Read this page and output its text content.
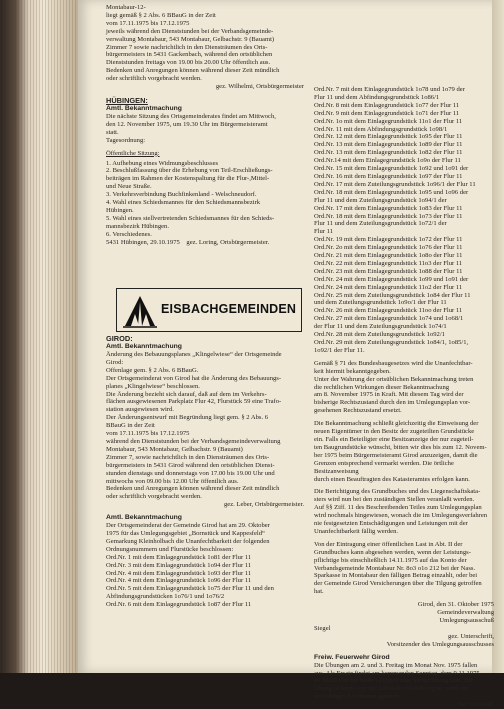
Montabaur-12-

liegt gemäß § 2 Abs. 6 BBauG in der Zeit

vom 17.11.1975 bis 17.12.1975

jeweils während den Dienststunden bei der Verbandsgemeinde-

verwaltung Montabaur, 543 Montabaur, Gelbachstr. 9 (Bauamt)

Zimmer 7 sowie nachrichtlich in den Diensträumen des Orts-

bürgermeisters in 5431 Gackenbach, während den ortsüblichen

Dienststunden freitags von 19.00 bis 20.00 Uhr öffentlich aus.

Bedenken und Anregungen können während dieser Zeit mündlich

oder schriftlich vorgebracht werden.

gez. Wilhelmi, Ortsbürgermeister

HÜBINGEN:

Amtl. Bekanntmachung

Die nächste Sitzung des Ortsgemeinderates findet am Mittwoch,

den 12. November 1975, um 19.30 Uhr im Bürgermeisteramt

statt.

Tagesordnung:

Öffentliche Sitzung:

1. Aufhebung eines Widmungsbeschlusses

2. Beschlußfassung über die Erhebung von Teil-Erschließungs-

beiträgen im Rahmen der Kostenspaltung für die Flur-,Mittel-

und Neue Straße.

3. Verkehrsverbindung Buchfinkenland - Welschneudorf.

4. Wahl eines Schiedsmannes für den Schiedsmannsbezirk

Hübingen.

5. Wahl eines stellvertretenden Schiedsmannes für den Schieds-

mannsbezirk Hübingen.

6. Verschiedenes.

5431 Hübingen, 29.10.1975 gez. Loring, Ortsbürgermeister.

EISBACHGEMEINDEN

GIROD:

Amtl. Bekanntmachung

Änderung des Bebauungsplanes „Klingelwiese“ der Ortsgemeinde

Girod:

Offenlage gem. § 2 Abs. 6 BBauG.

Der Ortsgemeinderat von Girod hat die Änderung des Bebauungs-

planes „Klingelwiese“ beschlossen.

Die Änderung bezieht sich darauf, daß auf dem im Verkehrs-

flächen ausgewiesenen Parkplatz Flur 42, Flurstück 59 eine Trafo-

station ausgewiesen wird.

Der Änderungsentwurf mit Begründung liegt gem. § 2 Abs. 6

BBauG in der Zeit

vom 17.11.1975 bis 17.12.1975

während den Dienststunden bei der Verbandsgemeindeverwaltung

Montabaur, 543 Montabaur, Gelbachstr. 9 (Bauamt)

Zimmer 7, sowie nachrichtlich in den Diensträumen des Orts-

bürgermeisters in 5431 Girod während den ortsüblichen Dienst-

stunden dienstags und donnerstags von 17.00 bis 19.00 Uhr und

mittwochs von 09.00 bis 12.00 Uhr öffentlich aus.

Bedenken und Anregungen können während dieser Zeit mündlich

oder schriftlich vorgebracht werden.

gez. Leber, Ortsbürgermeister.

Amtl. Bekanntmachung

Der Ortsgemeinderat der Gemeinde Girod hat am 29. Oktober

1975 für das Umlegungsgebiet „Bornstück und Kappesfeld“

Gemarkung Kleinholbach die Unanfechtbarkeit der folgenden

Ordnungsnummern und Flurstücke beschlossen:

Ord.Nr. 1 mit dem Einlagegrundstück 1o81 der Flur 11

Ord.Nr. 3 mit dem Einlagegrundstück 1o94 der Flur 11

Ord.Nr. 4 mit dem Einlagegrundstück 1o93 der Flur 11

Ord.Nr. 4 mit dem Einlagegrundstück 1o96 der Flur 11

Ord.Nr. 5 mit dem Einlagegrundstück 1o75 der Flur 11 und den

Abfindungsgrundstücken 1o76/1 und 1o76/2

Ord.Nr. 6 mit dem Einlagegrundstück 1o87 der Flur 11

Ord.Nr. 7 mit dem Einlagegrundstück 1o78 und 1o79 der

Flur 11 und dem Abfindungsgrundstück 1o86/1

Ord.Nr. 8 mit dem Einlagegrundstück 1o77 der Flur 11

Ord.Nr. 9 mit dem Einlagegrundstück 1o71 der Flur 11

Ord.Nr. 1o mit dem Einlagegrundstück 11o1 der Flur 11

Ord.Nr. 11 mit dem Abfindungsgrundstück 1o98/1

Ord.Nr. 12 mit dem Einlagegrundstück 1o95 der Flur 11

Ord.Nr. 13 mit dem Einlagegrundstück 1o89 der Flur 11

Ord.Nr. 13 mit dem Einlagegrundstück 1o82 der Flur 11

Ord.Nr.14 mit dem Einlagegrundstück 1o9o der Flur 11

Ord.Nr. 15 mit dem Einlagegrundstück 1o92 und 1o91 der

Ord.Nr. 16 mit dem Einlagegrundstück 1o97 der Flur 11

Ord.Nr. 17 mit dem Zuteilungsgrundstück 1o96/1 der Flur 11

Ord.Nr. 18 mit dem Einlagegrundstück 1o95 und 1o96 der

Flur 11 und dem Zuteilungsgrundstück 1o94/1 der

Ord.Nr. 17 mit dem Einlagegrundstück 1o83 der Flur 11

Ord.Nr. 18 mit dem Einlagegrundstück 1o73 der Flur 11

Flur 11 und dem Zuteilungsgrundstück 1o72/1 der

Flur 11

Ord.Nr. 19 mit dem Einlagegrundstück 1o72 der Flur 11

Ord.Nr. 2o mit dem Einlagegrundstück 1o76 der Flur 11

Ord.Nr. 21 mit dem Einlagegrundstück 1o8o der Flur 11

Ord.Nr. 22 mit dem Einlagegrundstück 11o3 der Flur 11

Ord.Nr. 23 mit dem Einlagegrundstück 1o88 der Flur 11

Ord.Nr. 24 mit dem Einlagegrundstück 1o99 und 1o91 der

Ord.Nr. 24 mit dem Einlagegrundstück 11o2 der Flur 11

Ord.Nr. 25 mit dem Zuteilungsgrundstück 1o84 der Flur 11

und dem Zuteilungsgrundstück 1o9o/1 der Flur 11

Ord.Nr. 26 mit dem Einlagegrundstück 11oo der Flur 11

Ord.Nr. 27 mit dem Einlagegrundstück 1o74 und 1o68/1

der Flur 11 und dem Zuteilungsgrundstück 1o74/1

Ord.Nr. 28 mit dem Zuteilungsgrundstück 1o92/1

Ord.Nr. 29 mit dem Zuteilungsgrundstück 1o84/1, 1o85/1,

1o92/1 der Flur 11.

Gemäß § 71 des Bundesbaugesetzes wird die Unanfechtbar-

keit hiermit bekanntgegeben.

Unter der Wahrung der ortsüblichen Bekanntmachung treten

die rechtlichen Wirkungen dieser Bekanntmachung

am 8. November 1975 in Kraft. Mit diesem Tag wird der

bisherige Rechtszustand durch den im Umlegungsplan vor-

gesehenen Rechtszustand ersetzt.

Die Bekanntmachung schließt gleichzeitig die Einweisung der

neuen Eigentümer in den Besitz der zugeteilten Grundstücke

ein. Falls ein Beteiligter eine Besitzanzeige der nur zugeteil-

ten Baugrundstücke wünscht, bitten wir dies bis zum 12. Novem-

ber 1975 beim Bürgermeisteramt Girod anzuzeigen, damit die

Grenzen entsprechend vermarkt werden. Die örtliche Besitzanweisung

durch einen Beauftragten des Katasteramtes erfolgen kann.

Die Berichtigung des Grundbuches und des Liegenschaftskata-

sters wird nun bei den zuständigen Stellen veranlaßt werden.

Auf §§ Ziff. 11 des Beschreibenden Teiles zum Umlegungsplan

wird nochmals hingewiesen, wonach die im Umlegungsverfahren

nie festgesetzten Entschädigungen und Leistungen mit der

Unanfechtbarkeit fällig werden.

Von der Eintragung einer öffentlichen Last in Abt. II der

Grundbuches kann abgesehen werden, wenn der Leistungs-

pflichtige bis einschließlich 14.11.1975 auf das Konto der

Verbandsgemeinde Montabaur Nr. 8o3 o1o 212 bei der Nass.

Sparkasse in Montabaur den fälligen Betrag einzahlt, oder bei

der Gemeinde Girod Versicherungen über die Tilgung getroffen

hat.

Girod, den 31. Oktober 1975

Gemeindeverwaltung

Umlegungsausschuß

Siegel

gez. Unterschrift,

Vorsitzender des Umlegungsausschusses

Freiw. Feuerwehr Girod

Die Übungen am 2. und 3. Freitag im Monat Nov. 1975 fallen

aus. Als Ersatz findet am kommenden Sonntag, dem 9.11.1975

ab 10.00 Uhr für beide Gruppen eine Steigerübung statt. Die

Übung ist letzte vor der Jahresabschlußübung ist, wird um

vollzähliges Erscheinen gebeten.

Der Vorstand.
